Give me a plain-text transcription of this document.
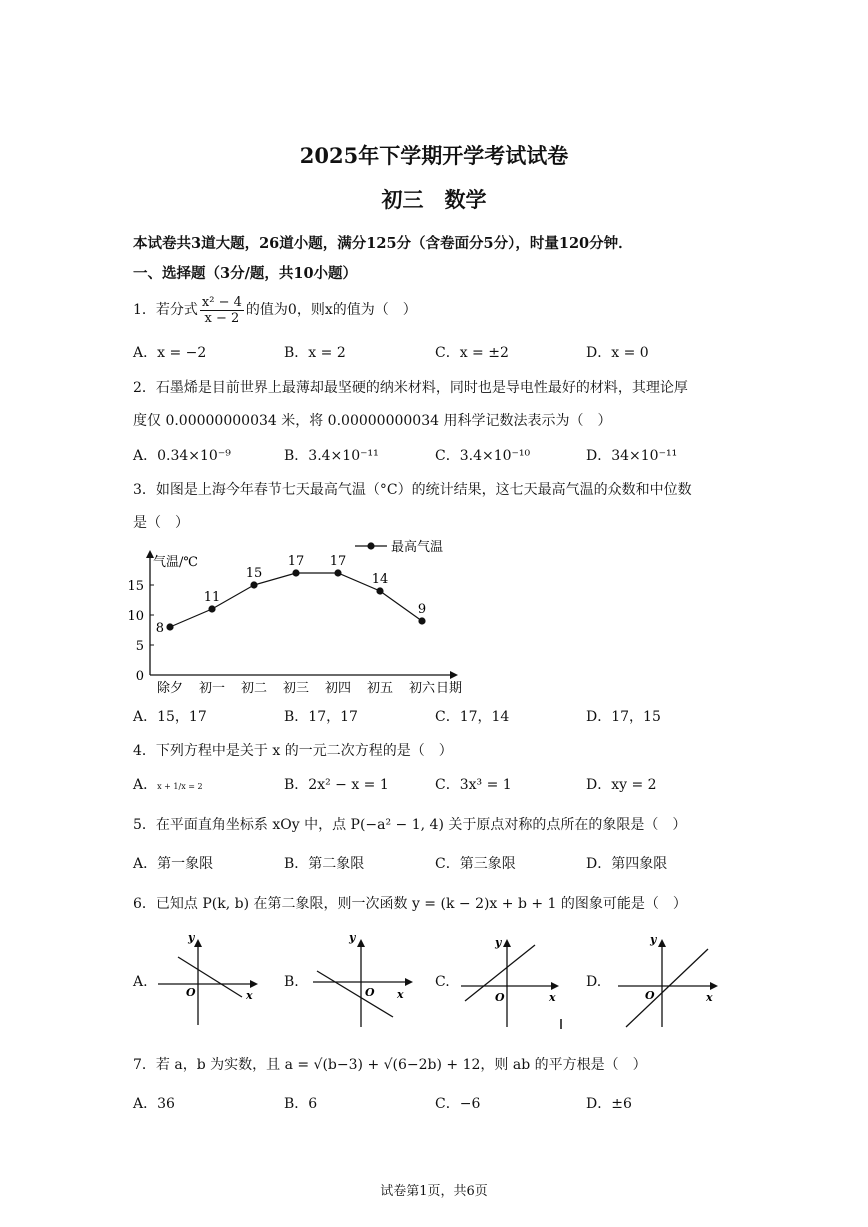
2025年下学期开学考试试卷
初三　数学
本试卷共3道大题，26道小题，满分125分（含卷面分5分），时量120分钟．
一、选择题（3分/题，共10小题）
1．若分式 $\frac{\text{x² − 4}}{x - 2}$ 的值为0，则x的值为（　）
A．x = −2	B．x = 2	C．x = ±2	D．x = 0
2．石墨烯是目前世界上最薄却最坚硬的纳米材料，同时也是导电性最好的材料，其理论厚
度仅 0.00000000034 米，将 0.00000000034 用科学记数法表示为（　）
A．0.34×10⁻⁹	B．3.4×10⁻¹¹	C．3.4×10⁻¹⁰	D．34×10⁻¹¹
3．如图是上海今年春节七天最高气温（°C）的统计结果，这七天最高气温的众数和中位数
是（　）
0
5
10
15
除夕 初一 初二 初三 初四 初五 初六
8
11
15
17 17
14
9
最高气温
气温/℃
日期
A．15，17	B．17，17	C．17，14	D．17，15
4．下列方程中是关于 x 的一元二次方程的是（　）
A．x + 1/x = 2	B．2x² − x = 1	C．3x³ = 1	D．xy = 2
5．在平面直角坐标系 xOy 中，点 P(−a² − 1, 4) 关于原点对称的点所在的象限是（　）
A．第一象限	B．第二象限	C．第三象限	D．第四象限
6．已知点 P(k, b) 在第二象限，则一次函数 y = (k − 2)x + b + 1 的图象可能是（　）
A.
y
x
O
B.
y
x
O
C.
y
x
O
D.
y
x
O
7．若 a，b 为实数，且 a = √(b−3) + √(6−2b) + 12，则 ab 的平方根是（　）
A．36	B．6	C．−6	D．±6
试卷第1页，共6页
